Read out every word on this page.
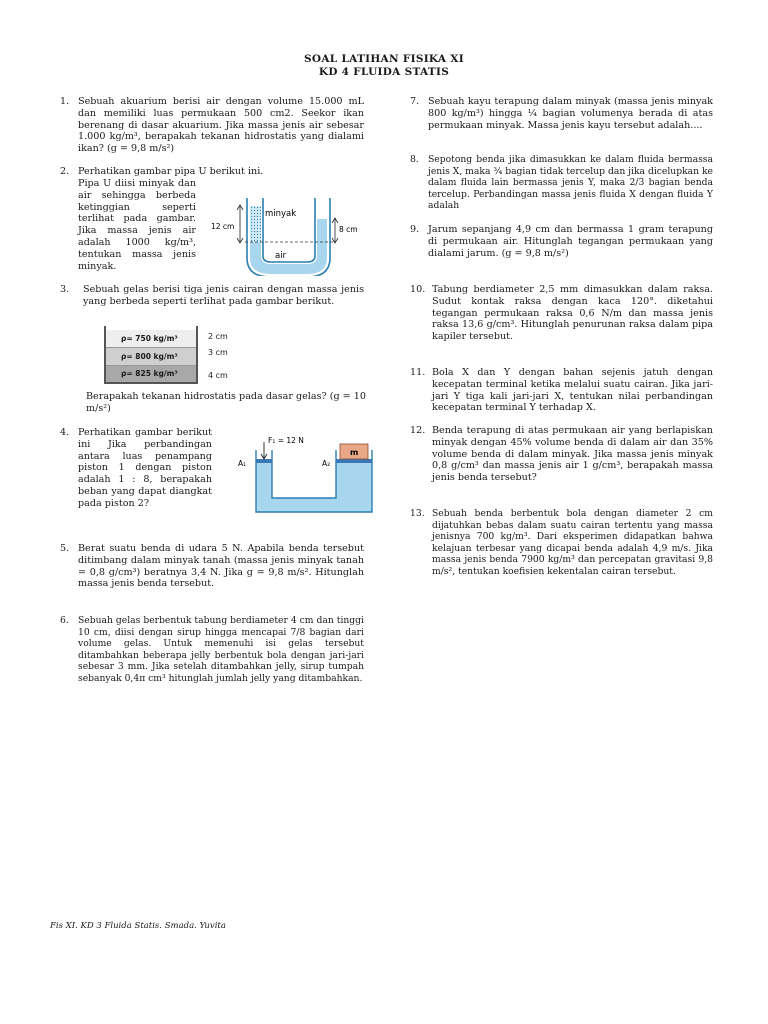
SOAL LATIHAN FISIKA XI
KD 4 FLUIDA STATIS
1. Sebuah akuarium berisi air dengan volume 15.000 mL dan memiliki luas permukaan 500 cm2. Seekor ikan berenang di dasar akuarium. Jika massa jenis air sebesar 1.000 kg/m³, berapakah tekanan hidrostatis yang dialami ikan? (g = 9,8 m/s²)
2. Perhatikan gambar pipa U berikut ini.
Pipa U diisi minyak dan air sehingga berbeda ketinggian seperti terlihat pada gambar. Jika massa jenis air adalah 1000 kg/m³, tentukan massa jenis minyak.
12 cm	8 cm
minyak
air
3. Sebuah gelas berisi tiga jenis cairan dengan massa jenis yang berbeda seperti terlihat pada gambar berikut.
ρ= 750 kg/m³
ρ= 800 kg/m³
ρ= 825 kg/m³
2 cm
3 cm
4 cm
Berapakah tekanan hidrostatis pada dasar gelas? (g = 10 m/s²)
4. Perhatikan gambar berikut ini Jika perbandingan antara luas penampang piston 1 dengan piston adalah 1 : 8, berapakah beban yang dapat diangkat pada piston 2?
m
F₁ = 12 N
A₁	A₂
5. Berat suatu benda di udara 5 N. Apabila benda tersebut ditimbang dalam minyak tanah (massa jenis minyak tanah = 0,8 g/cm³) beratnya 3,4 N. Jika g = 9,8 m/s². Hitunglah massa jenis benda tersebut.
6. Sebuah gelas berbentuk tabung berdiameter 4 cm dan tinggi 10 cm, diisi dengan sirup hingga mencapai 7/8 bagian dari volume gelas. Untuk memenuhi isi gelas tersebut ditambahkan beberapa jelly berbentuk bola dengan jari-jari sebesar 3 mm. Jika setelah ditambahkan jelly, sirup tumpah sebanyak 0,4π cm³ hitunglah jumlah jelly yang ditambahkan.
7. Sebuah kayu terapung dalam minyak (massa jenis minyak 800 kg/m³) hingga ¼ bagian volumenya berada di atas permukaan minyak. Massa jenis kayu tersebut adalah....
8. Sepotong benda jika dimasukkan ke dalam fluida bermassa jenis X, maka ¾ bagian tidak tercelup dan jika dicelupkan ke dalam fluida lain bermassa jenis Y, maka 2/3 bagian benda tercelup. Perbandingan massa jenis fluida X dengan fluida Y adalah
9. Jarum sepanjang 4,9 cm dan bermassa 1 gram terapung di permukaan air. Hitunglah tegangan permukaan yang dialami jarum. (g = 9,8 m/s²)
10. Tabung berdiameter 2,5 mm dimasukkan dalam raksa. Sudut kontak raksa dengan kaca 120°. diketahui tegangan permukaan raksa 0,6 N/m dan massa jenis raksa 13,6 g/cm³. Hitunglah penurunan raksa dalam pipa kapiler tersebut.
11. Bola X dan Y dengan bahan sejenis jatuh dengan kecepatan terminal ketika melalui suatu cairan. Jika jari-jari Y tiga kali jari-jari X, tentukan nilai perbandingan kecepatan terminal Y terhadap X.
12. Benda terapung di atas permukaan air yang berlapiskan minyak dengan 45% volume benda di dalam air dan 35% volume benda di dalam minyak. Jika massa jenis minyak 0,8 g/cm³ dan massa jenis air 1 g/cm³, berapakah massa jenis benda tersebut?
13. Sebuah benda berbentuk bola dengan diameter 2 cm dijatuhkan bebas dalam suatu cairan tertentu yang massa jenisnya 700 kg/m³. Dari eksperimen didapatkan bahwa kelajuan terbesar yang dicapai benda adalah 4,9 m/s. Jika massa jenis benda 7900 kg/m³ dan percepatan gravitasi 9,8 m/s², tentukan koefisien kekentalan cairan tersebut.
Fis XI. KD 3 Fluida Statis. Smada. Yuvita
